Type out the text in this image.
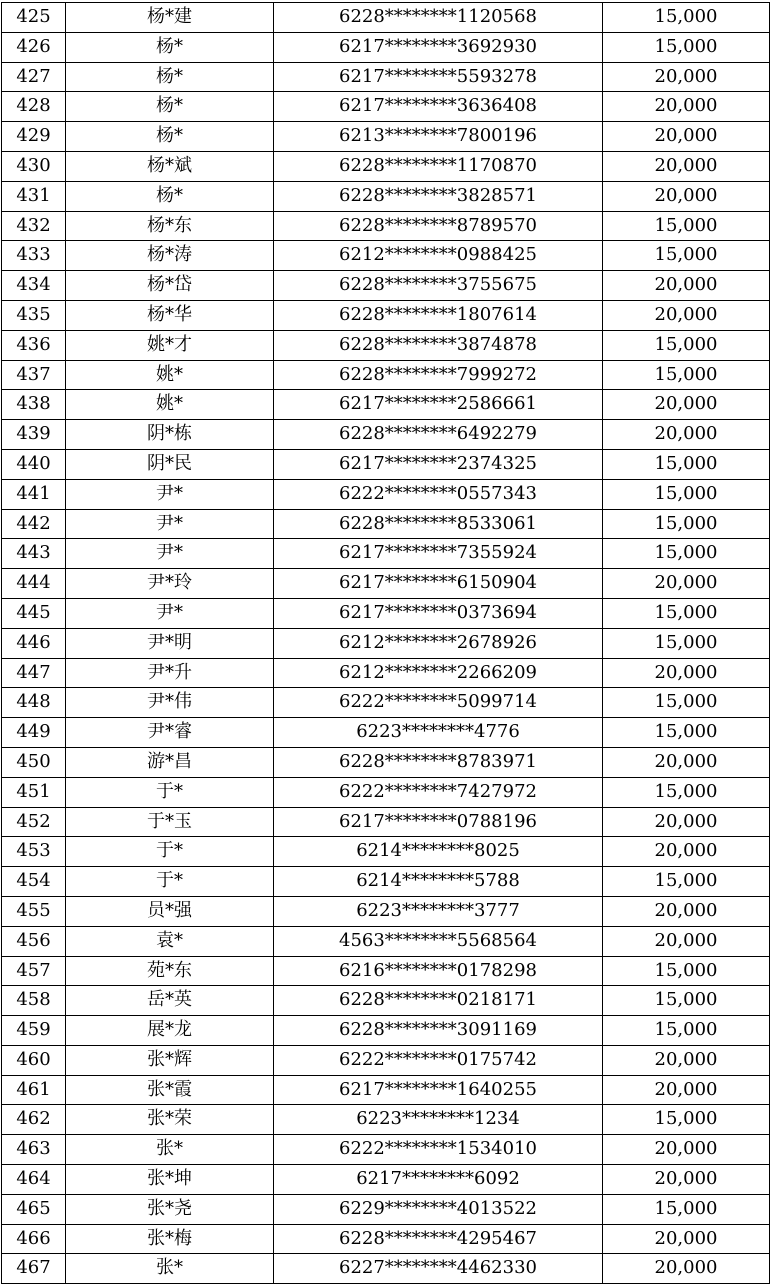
425	杨*建	6228********1120568	15,000
426	杨*	6217********3692930	15,000
427	杨*	6217********5593278	20,000
428	杨*	6217********3636408	20,000
429	杨*	6213********7800196	20,000
430	杨*斌	6228********1170870	20,000
431	杨*	6228********3828571	20,000
432	杨*东	6228********8789570	15,000
433	杨*涛	6212********0988425	15,000
434	杨*岱	6228********3755675	20,000
435	杨*华	6228********1807614	20,000
436	姚*才	6228********3874878	15,000
437	姚*	6228********7999272	15,000
438	姚*	6217********2586661	20,000
439	阴*栋	6228********6492279	20,000
440	阴*民	6217********2374325	15,000
441	尹*	6222********0557343	15,000
442	尹*	6228********8533061	15,000
443	尹*	6217********7355924	15,000
444	尹*玲	6217********6150904	20,000
445	尹*	6217********0373694	15,000
446	尹*明	6212********2678926	15,000
447	尹*升	6212********2266209	20,000
448	尹*伟	6222********5099714	15,000
449	尹*睿	6223********4776	15,000
450	游*昌	6228********8783971	20,000
451	于*	6222********7427972	15,000
452	于*玉	6217********0788196	20,000
453	于*	6214********8025	20,000
454	于*	6214********5788	15,000
455	员*强	6223********3777	20,000
456	袁*	4563********5568564	20,000
457	苑*东	6216********0178298	15,000
458	岳*英	6228********0218171	15,000
459	展*龙	6228********3091169	15,000
460	张*辉	6222********0175742	20,000
461	张*霞	6217********1640255	20,000
462	张*荣	6223********1234	15,000
463	张*	6222********1534010	20,000
464	张*坤	6217********6092	20,000
465	张*尧	6229********4013522	15,000
466	张*梅	6228********4295467	20,000
467	张*	6227********4462330	20,000
